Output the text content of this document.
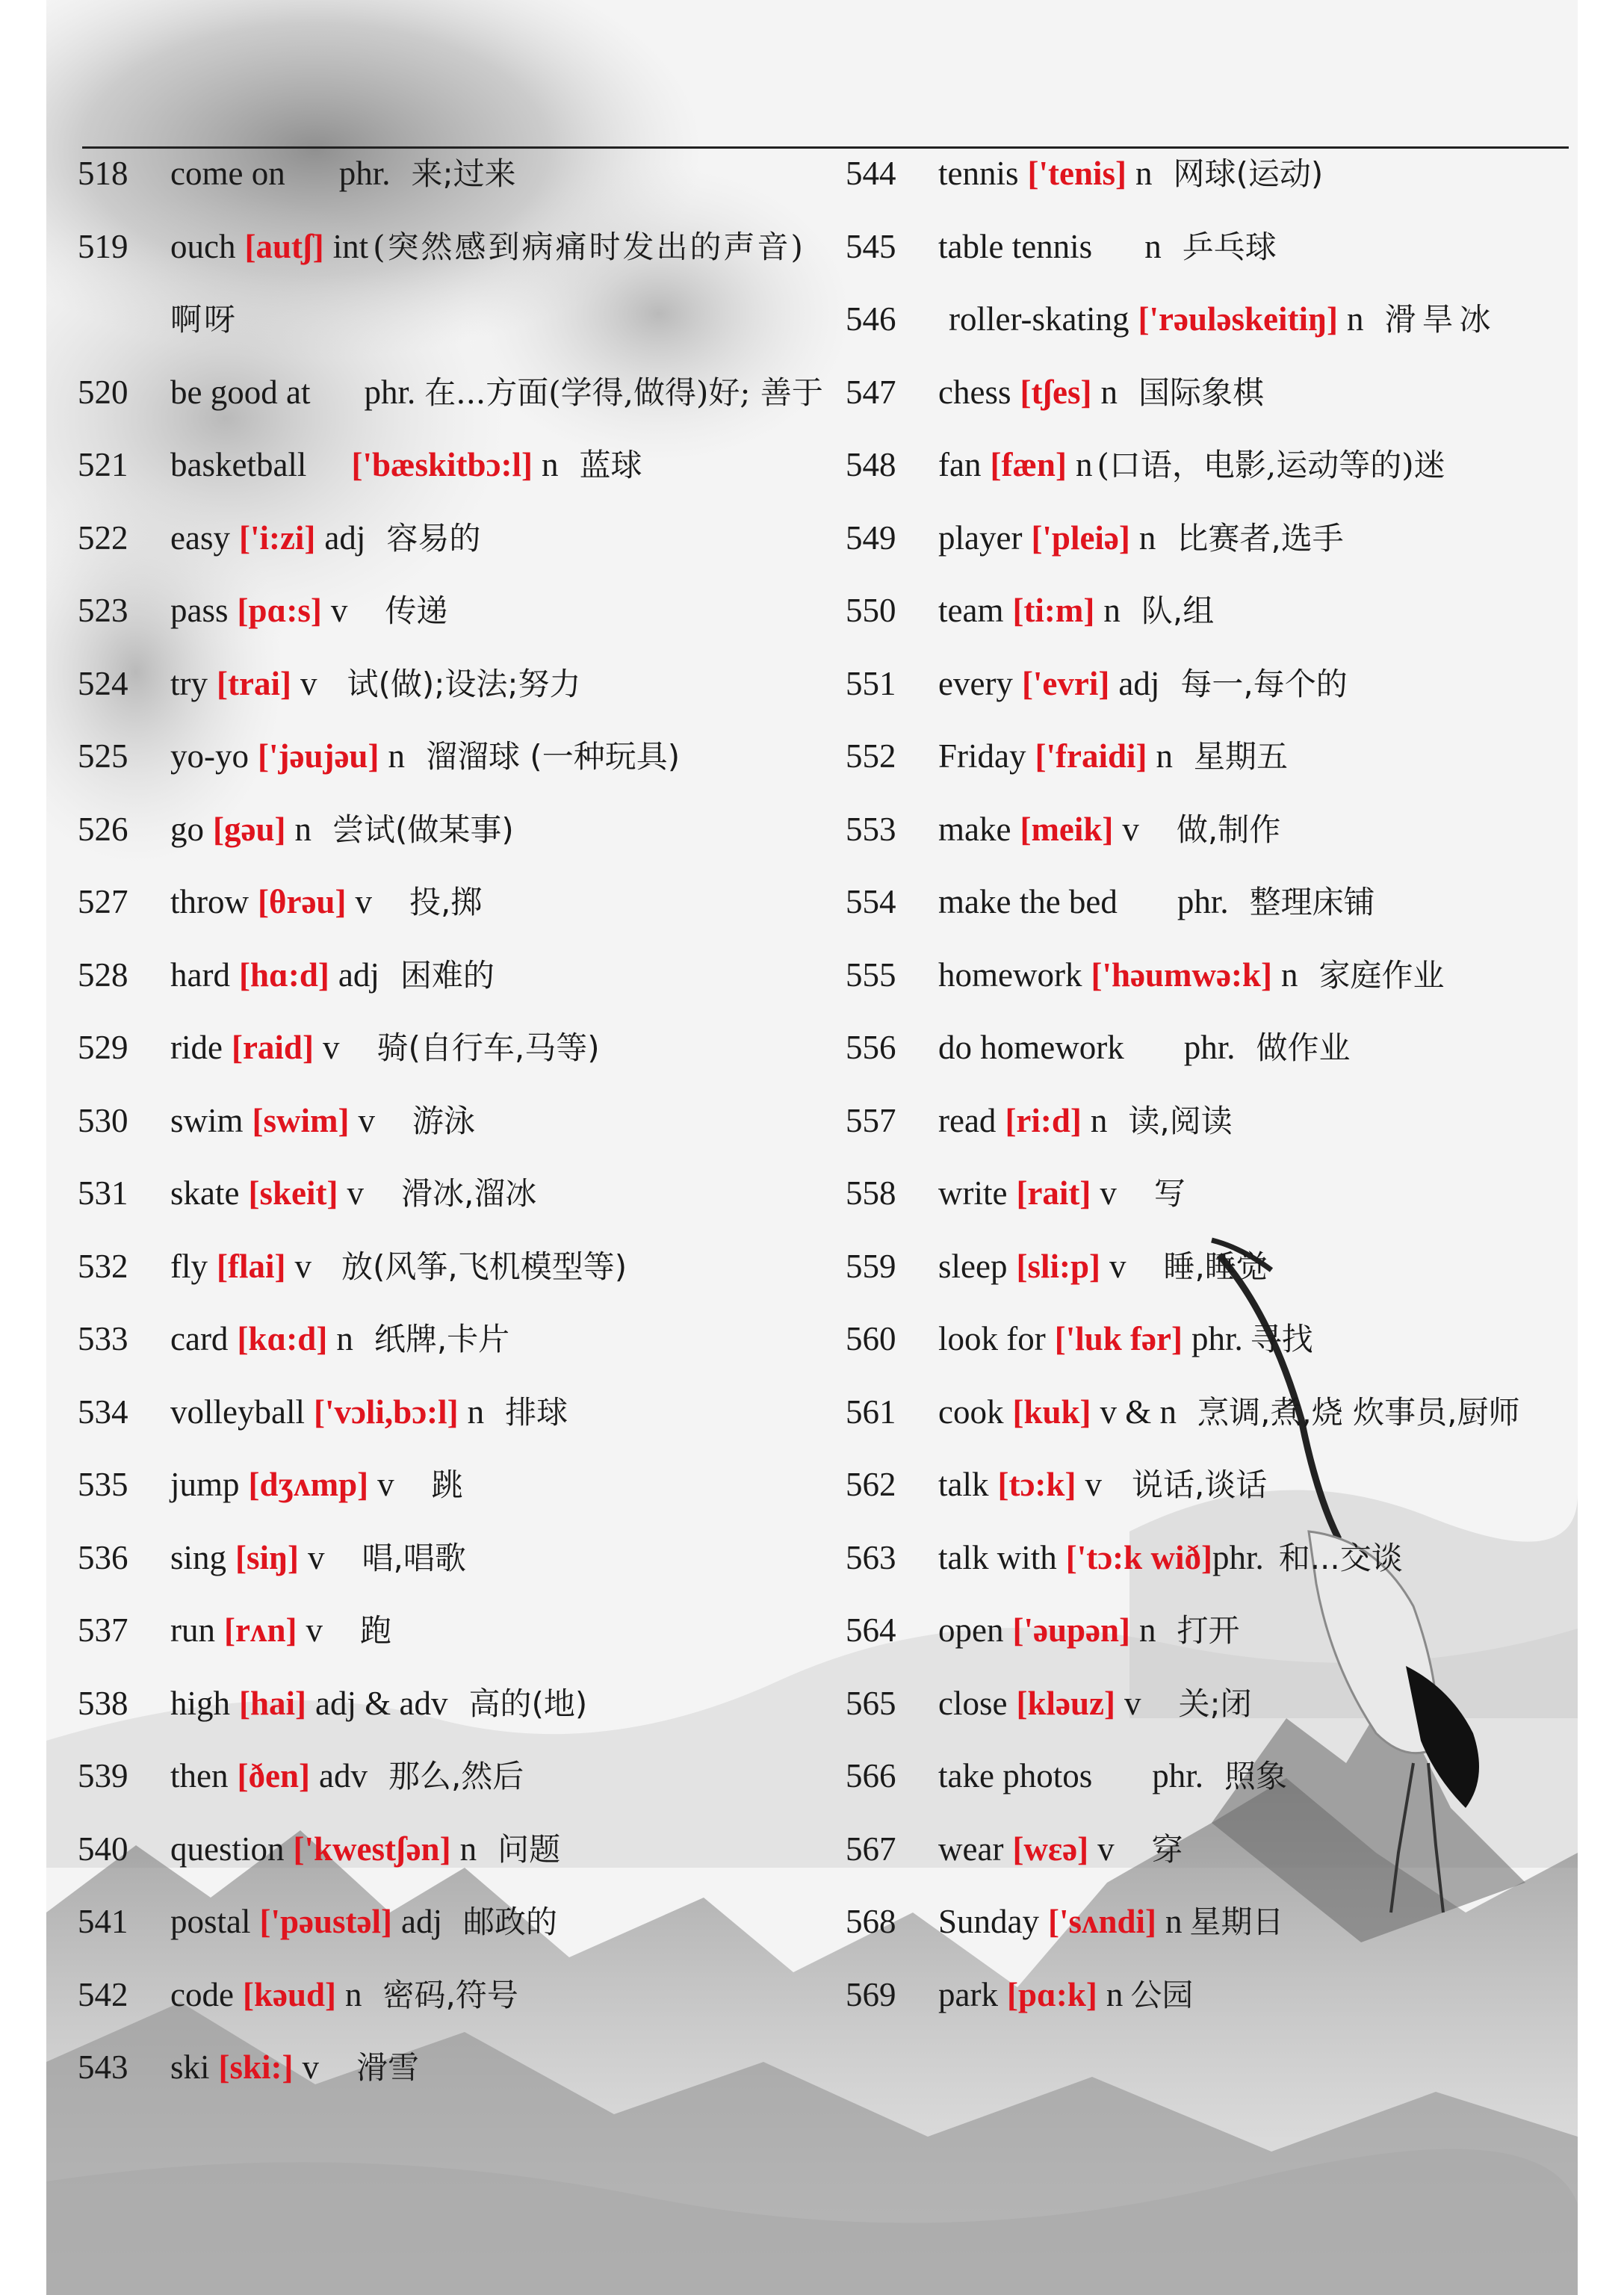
518	come on phr. 来;过来
519	ouch [autʃ] int (突然感到病痛时发出的声音)啊呀
520	be good at phr. 在...方面(学得,做得)好; 善于
521	basketball ['bæskitbɔ:l] n 蓝球
522	easy ['i:zi] adj 容易的
523	pass [pɑ:s] v 传递
524	try [trai] v 试(做);设法;努力
525	yo-yo ['jəujəu] n 溜溜球 (一种玩具)
526	go [gəu] n 尝试(做某事)
527	throw [θrəu] v 投,掷
528	hard [hɑ:d] adj 困难的
529	ride [raid] v 骑(自行车,马等)
530	swim [swim] v 游泳
531	skate [skeit] v 滑冰,溜冰
532	fly [flai] v 放(风筝,飞机模型等)
533	card [kɑ:d] n 纸牌,卡片
534	volleyball ['vɔli,bɔ:l] n 排球
535	jump [dʒʌmp] v 跳
536	sing [siŋ] v 唱,唱歌
537	run [rʌn] v 跑
538	high [hai] adj & adv 高的(地)
539	then [ðen] adv 那么,然后
540	question ['kwestʃən] n 问题
541	postal ['pəustəl] adj 邮政的
542	code [kəud] n 密码,符号
543	ski [ski:] v 滑雪
544	tennis ['tenis] n 网球(运动)
545	table tennis n 乒乓球
546	roller-skating ['rəuləskeitiŋ] n 滑旱冰
547	chess [tʃes] n 国际象棋
548	fan [fæn] n (口语，电影,运动等的)迷
549	player ['pleiə] n 比赛者,选手
550	team [ti:m] n 队,组
551	every ['evri] adj 每一,每个的
552	Friday ['fraidi] n 星期五
553	make [meik] v 做,制作
554	make the bed phr. 整理床铺
555	homework ['həumwə:k] n 家庭作业
556	do homework phr. 做作业
557	read [ri:d] n 读,阅读
558	write [rait] v 写
559	sleep [sli:p] v 睡,睡觉
560	look for ['luk fər] phr. 寻找
561	cook [kuk] v & n 烹调,煮,烧 炊事员,厨师
562	talk [tɔ:k] v 说话,谈话
563	talk with ['tɔ:k wið]phr. 和...交谈
564	open ['əupən] n 打开
565	close [kləuz] v 关;闭
566	take photos phr. 照象
567	wear [wεə] v 穿
568	Sunday ['sʌndi] n 星期日
569	park [pɑ:k] n 公园
